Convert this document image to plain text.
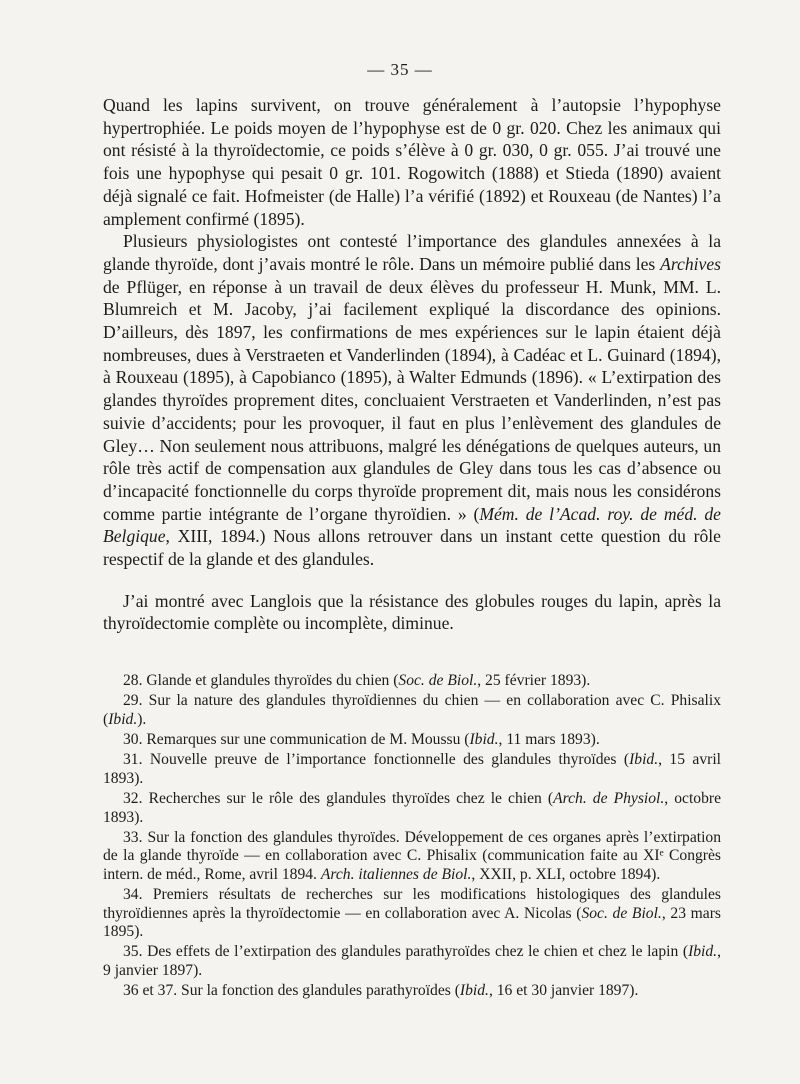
— 35 —

Quand les lapins survivent, on trouve généralement à l’autopsie l’hypophyse hypertrophiée. Le poids moyen de l’hypophyse est de 0 gr. 020. Chez les animaux qui ont résisté à la thyroïdectomie, ce poids s’élève à 0 gr. 030, 0 gr. 055. J’ai trouvé une fois une hypophyse qui pesait 0 gr. 101. Rogowitch (1888) et Stieda (1890) avaient déjà signalé ce fait. Hofmeister (de Halle) l’a vérifié (1892) et Rouxeau (de Nantes) l’a amplement confirmé (1895).

Plusieurs physiologistes ont contesté l’importance des glandules annexées à la glande thyroïde, dont j’avais montré le rôle. Dans un mémoire publié dans les Archives de Pflüger, en réponse à un travail de deux élèves du professeur H. Munk, MM. L. Blumreich et M. Jacoby, j’ai facilement expliqué la discordance des opinions. D’ailleurs, dès 1897, les confirmations de mes expériences sur le lapin étaient déjà nombreuses, dues à Verstraeten et Vanderlinden (1894), à Cadéac et L. Guinard (1894), à Rouxeau (1895), à Capobianco (1895), à Walter Edmunds (1896). « L’extirpation des glandes thyroïdes proprement dites, concluaient Verstraeten et Vanderlinden, n’est pas suivie d’accidents; pour les provoquer, il faut en plus l’enlèvement des glandules de Gley… Non seulement nous attribuons, malgré les dénégations de quelques auteurs, un rôle très actif de compensation aux glandules de Gley dans tous les cas d’absence ou d’incapacité fonctionnelle du corps thyroïde proprement dit, mais nous les considérons comme partie intégrante de l’organe thyroïdien. » (Mém. de l’Acad. roy. de méd. de Belgique, XIII, 1894.) Nous allons retrouver dans un instant cette question du rôle respectif de la glande et des glandules.

J’ai montré avec Langlois que la résistance des globules rouges du lapin, après la thyroïdectomie complète ou incomplète, diminue.

28. Glande et glandules thyroïdes du chien (Soc. de Biol., 25 février 1893).

29. Sur la nature des glandules thyroïdiennes du chien — en collaboration avec C. Phisalix (Ibid.).

30. Remarques sur une communication de M. Moussu (Ibid., 11 mars 1893).

31. Nouvelle preuve de l’importance fonctionnelle des glandules thyroïdes (Ibid., 15 avril 1893).

32. Recherches sur le rôle des glandules thyroïdes chez le chien (Arch. de Physiol., octobre 1893).

33. Sur la fonction des glandules thyroïdes. Développement de ces organes après l’extirpation de la glande thyroïde — en collaboration avec C. Phisalix (communication faite au XIᵉ Congrès intern. de méd., Rome, avril 1894. Arch. italiennes de Biol., XXII, p. XLI, octobre 1894).

34. Premiers résultats de recherches sur les modifications histologiques des glandules thyroïdiennes après la thyroïdectomie — en collaboration avec A. Nicolas (Soc. de Biol., 23 mars 1895).

35. Des effets de l’extirpation des glandules parathyroïdes chez le chien et chez le lapin (Ibid., 9 janvier 1897).

36 et 37. Sur la fonction des glandules parathyroïdes (Ibid., 16 et 30 janvier 1897).
